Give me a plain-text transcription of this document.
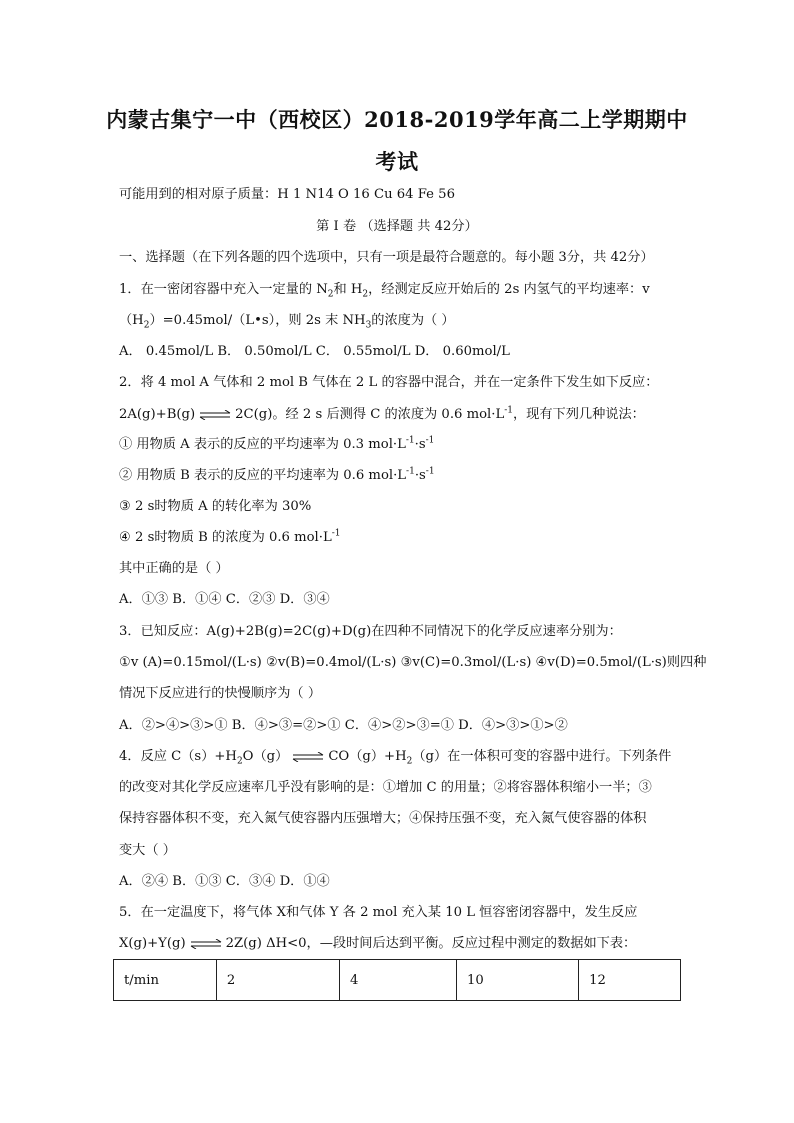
内蒙古集宁一中（西校区）2018-2019学年高二上学期期中
考试
可能用到的相对原子质量：H 1 N14 O 16 Cu 64 Fe 56
第 I 卷 （选择题 共 42分）
一、选择题（在下列各题的四个选项中，只有一项是最符合题意的。每小题 3分，共 42分）
1．在一密闭容器中充入一定量的 $N_2$和 $H_2$，经测定反应开始后的 2s 内氢气的平均速率：v
$(H_2)=0.45mol/(L•s)$，则 2s 末 $NH_3$的浓度为（ ）
A． 0.45mol/L B． 0.50mol/L C． 0.55mol/L D． 0.60mol/L
2．将 4 mol A 气体和 2 mol B 气体在 2 L 的容器中混合，并在一定条件下发生如下反应：
2A(g)+B(g) ⇌ 2C(g)。经 2 s 后测得 C 的浓度为 0.6 $mol\cdot L^{-1}$，现有下列几种说法：
① 用物质 A 表示的反应的平均速率为 0.3 $mol\cdot L^{-1}\cdot s^{-1}$
② 用物质 B 表示的反应的平均速率为 0.6 $mol\cdot L^{-1}\cdot s^{-1}$
③ 2 s时物质 A 的转化率为 30%
④ 2 s时物质 B 的浓度为 0.6 $mol\cdot L^{-1}$
其中正确的是（ ）
A．①③ B．①④ C．②③ D．③④
3．已知反应：A(g)+2B(g)=2C(g)+D(g)在四种不同情况下的化学反应速率分别为：
①v (A)=0.15mol/(L·s) ②v(B)=0.4mol/(L·s) ③v(C)=0.3mol/(L·s) ④v(D)=0.5mol/(L·s)则四种
情况下反应进行的快慢顺序为（ ）
A．②>④>③>① B．④>③=②>① C．④>②>③=① D．④>③>①>②
4．反应 $C(s)+H_2O(g)$ ⇌ $CO(g)+H_2(g)$在一体积可变的容器中进行。下列条件
的改变对其化学反应速率几乎没有影响的是：①增加 C 的用量；②将容器体积缩小一半；③
保持容器体积不变，充入氮气使容器内压强增大；④保持压强不变，充入氮气使容器的体积
变大（ ）
A．②④ B．①③ C．③④ D．①④
5．在一定温度下，将气体 X和气体 Y 各 2 mol 充入某 10 L 恒容密闭容器中，发生反应
X(g)+Y(g) ⇌ 2Z(g) ΔH<0，—段时间后达到平衡。反应过程中测定的数据如下表：
t/min	2	4	10	12
